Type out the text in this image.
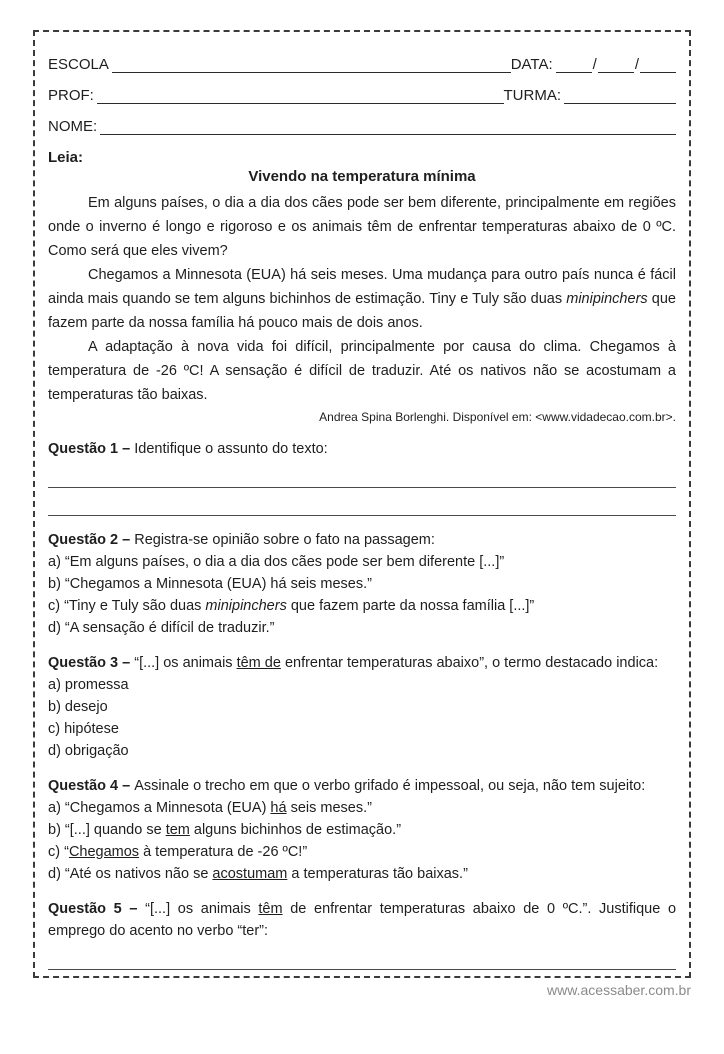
ESCOLA	DATA:	/	/
PROF:	TURMA:
NOME:
Leia:
Vivendo na temperatura mínima

Em alguns países, o dia a dia dos cães pode ser bem diferente, principalmente em regiões onde o inverno é longo e rigoroso e os animais têm de enfrentar temperaturas abaixo de 0 ºC. Como será que eles vivem?

Chegamos a Minnesota (EUA) há seis meses. Uma mudança para outro país nunca é fácil ainda mais quando se tem alguns bichinhos de estimação. Tiny e Tuly são duas minipinchers que fazem parte da nossa família há pouco mais de dois anos.

A adaptação à nova vida foi difícil, principalmente por causa do clima. Chegamos à temperatura de -26 ºC! A sensação é difícil de traduzir. Até os nativos não se acostumam a temperaturas tão baixas.

Andrea Spina Borlenghi. Disponível em: <www.vidadecao.com.br>.

Questão 1 – Identifique o assunto do texto:

Questão 2 – Registra-se opinião sobre o fato na passagem:

a) “Em alguns países, o dia a dia dos cães pode ser bem diferente [...]”

b) “Chegamos a Minnesota (EUA) há seis meses.”

c) “Tiny e Tuly são duas minipinchers que fazem parte da nossa família [...]”

d) “A sensação é difícil de traduzir.”

Questão 3 – “[...] os animais têm de enfrentar temperaturas abaixo”, o termo destacado indica:

a) promessa

b) desejo

c) hipótese

d) obrigação

Questão 4 – Assinale o trecho em que o verbo grifado é impessoal, ou seja, não tem sujeito:

a) “Chegamos a Minnesota (EUA) há seis meses.”

b) “[...] quando se tem alguns bichinhos de estimação.”

c) “Chegamos à temperatura de -26 ºC!”

d) “Até os nativos não se acostumam a temperaturas tão baixas.”

Questão 5 – “[...] os animais têm de enfrentar temperaturas abaixo de 0 ºC.”. Justifique o emprego do acento no verbo “ter”:

www.acessaber.com.br
